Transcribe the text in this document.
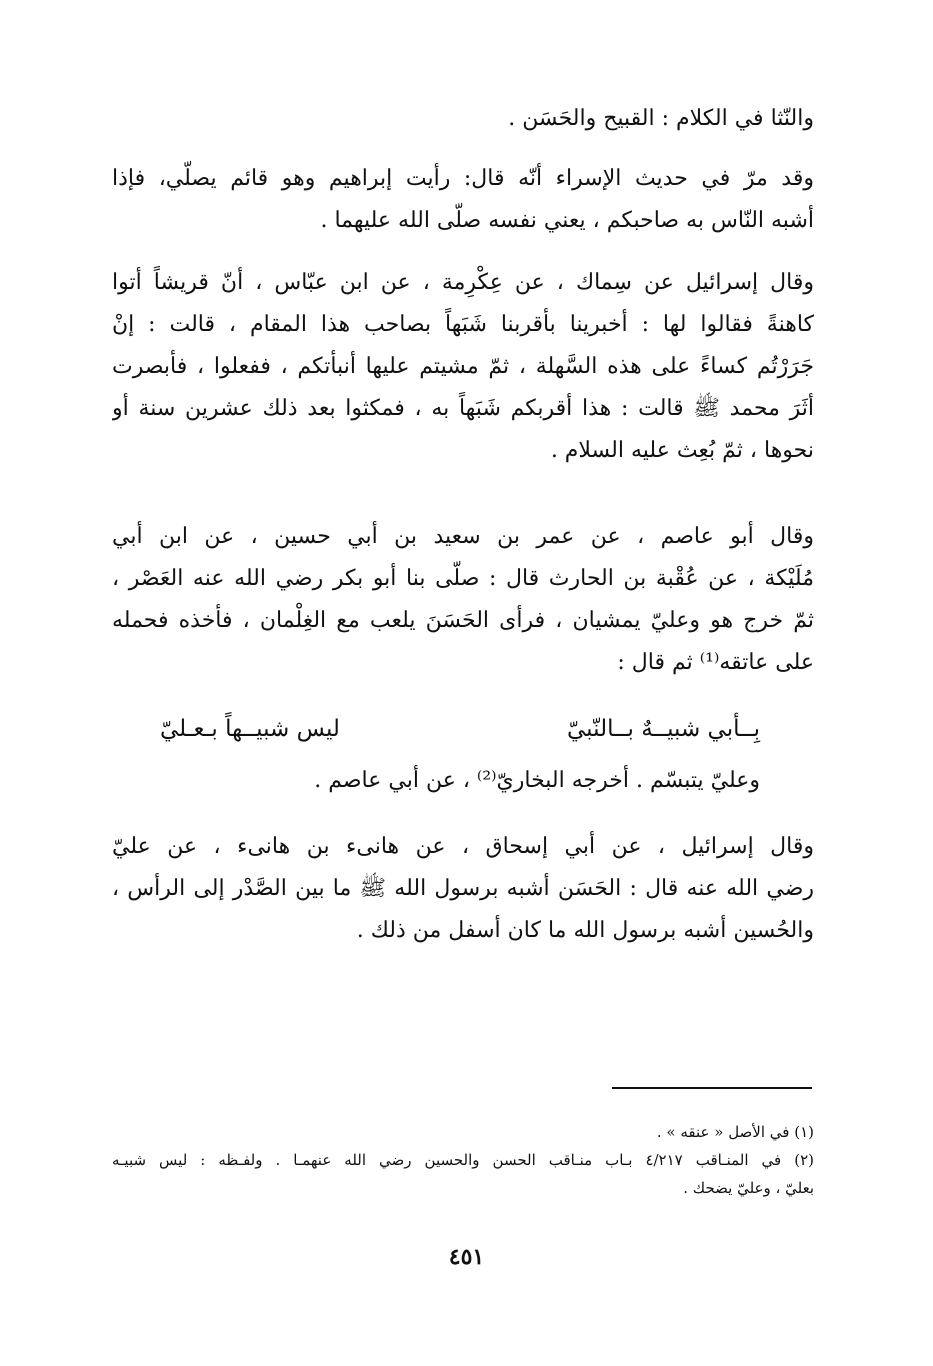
والنّثا في الكلام : القبيح والحَسَن .
وقد مرّ في حديث الإسراء أنّه قال: رأيت إبراهيم وهو قائم يصلّي، فإذا
أشبه النّاس به صاحبكم ، يعني نفسه صلّى الله عليهما .
وقال إسرائيل عن سِماك ، عن عِكْرِمة ، عن ابن عبّاس ، أنّ قريشاً أتوا
كاهنةً فقالوا لها : أخبرينا بأقربنا شَبَهاً بصاحب هذا المقام ، قالت : إنْ
جَرَرْتُم كساءً على هذه السَّهلة ، ثمّ مشيتم عليها أنبأتكم ، ففعلوا ، فأبصرت
أثَرَ محمد ﷺ قالت : هذا أقربكم شَبَهاً به ، فمكثوا بعد ذلك عشرين سنة أو
نحوها ، ثمّ بُعِث عليه السلام .
وقال أبو عاصم ، عن عمر بن سعيد بن أبي حسين ، عن ابن أبي
مُلَيْكة ، عن عُقْبة بن الحارث قال : صلّى بنا أبو بكر رضي الله عنه العَصْر ،
ثمّ خرج هو وعليّ يمشيان ، فرأى الحَسَنَ يلعب مع الغِلْمان ، فأخذه فحمله
على عاتقه⁽¹⁾ ثم قال :
بِــأبي شبيــهٌ بــالنّبيّ
ليس شبيــهاً بـعـليّ
وعليّ يتبسّم . أخرجه البخاريّ⁽²⁾ ، عن أبي عاصم .
وقال إسرائيل ، عن أبي إسحاق ، عن هانىء بن هانىء ، عن عليّ
رضي الله عنه قال : الحَسَن أشبه برسول الله ﷺ ما بين الصَّدْر إلى الرأس ،
والحُسين أشبه برسول الله ما كان أسفل من ذلك .
(١) في الأصل « عنقه » .
(٢) في المنـاقب ٤/٢١٧ بـاب منـاقب الحسن والحسين رضي الله عنهمـا . ولفـظه : ليس شبيـه
بعليّ ، وعليّ يضحك .
٤٥١
